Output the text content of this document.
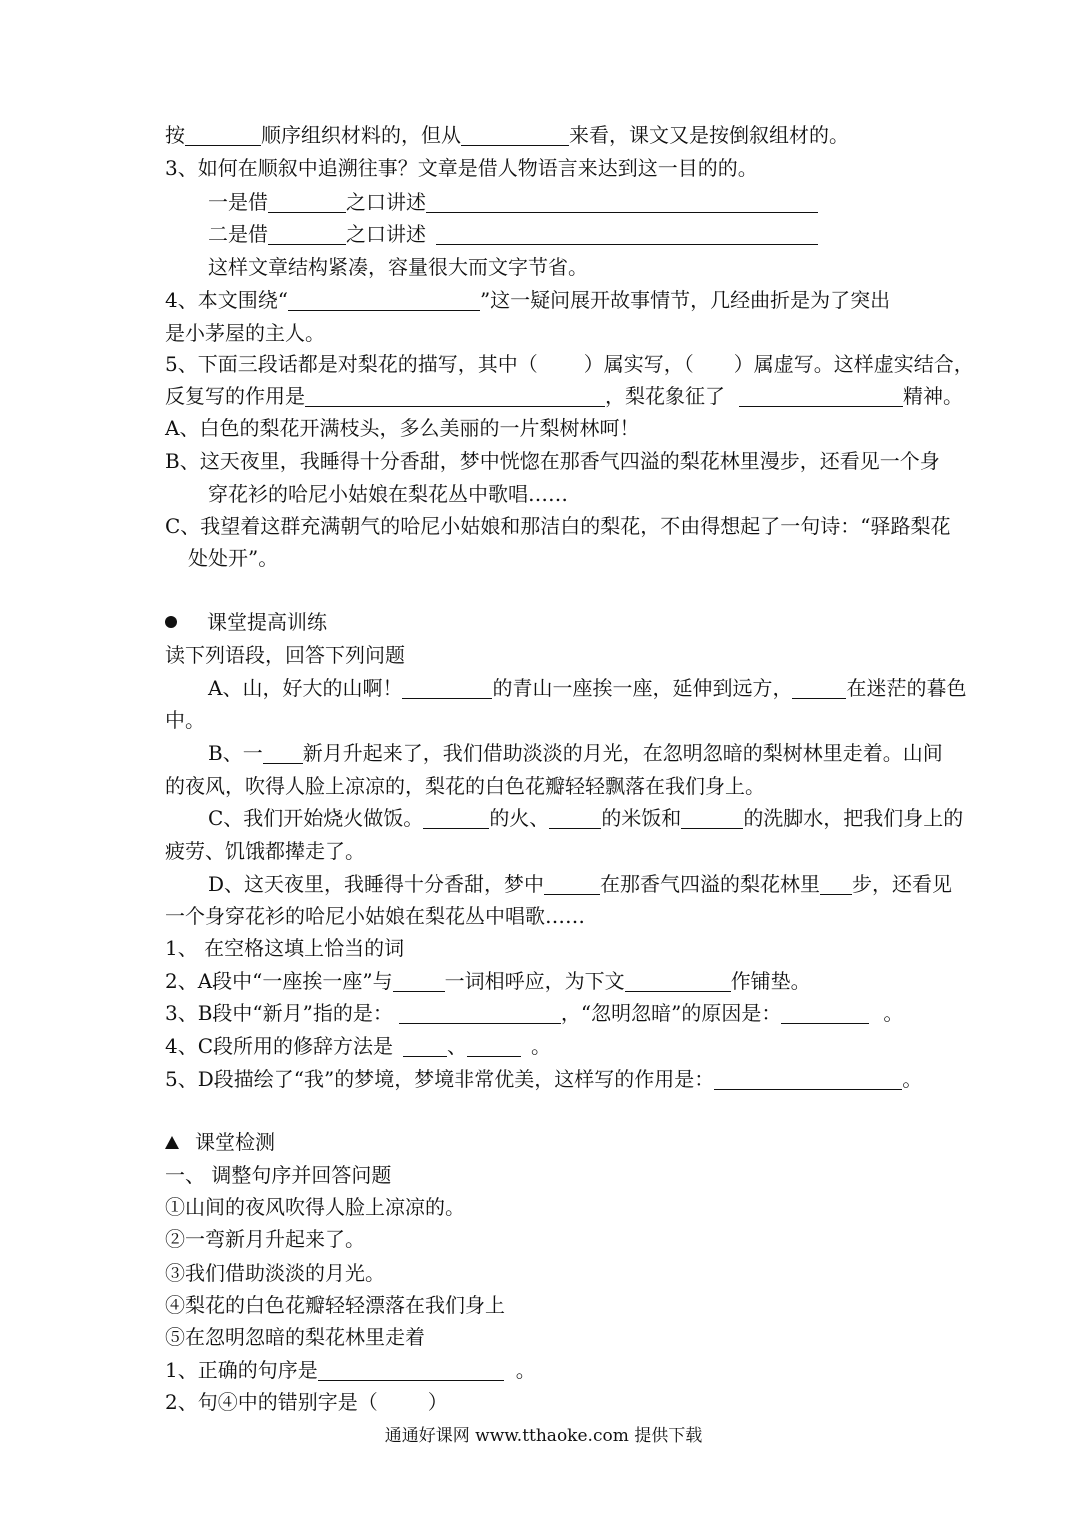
按	顺序组织材料的，但从	来看，课文又是按倒叙组材的。
3、如何在顺叙中追溯往事？文章是借人物语言来达到这一目的的。
一是借	之口讲述
二是借	之口讲述
这样文章结构紧凑，容量很大而文字节省。
4、本文围绕“	”这一疑问展开故事情节，几经曲折是为了突出
是小茅屋的主人。
5、下面三段话都是对梨花的描写，其中（ ）属实写，（ ）属虚写。这样虚实结合，
反复写的作用是	，梨花象征了	精神。
A、白色的梨花开满枝头，多么美丽的一片梨树林呵！
B、这天夜里，我睡得十分香甜，梦中恍惚在那香气四溢的梨花林里漫步，还看见一个身
穿花衫的哈尼小姑娘在梨花丛中歌唱……
C、我望着这群充满朝气的哈尼小姑娘和那洁白的梨花，不由得想起了一句诗：“驿路梨花
处处开”。
课堂提高训练
读下列语段，回答下列问题
A、山，好大的山啊！	的青山一座挨一座，延伸到远方，	在迷茫的暮色
中。
B、一 新月升起来了，我们借助淡淡的月光，在忽明忽暗的梨树林里走着。山间
的夜风，吹得人脸上凉凉的，梨花的白色花瓣轻轻飘落在我们身上。
C、我们开始烧火做饭。	的火、	的米饭和	的洗脚水，把我们身上的
疲劳、饥饿都撵走了。
D、这天夜里，我睡得十分香甜，梦中	在那香气四溢的梨花林里 步，还看见
一个身穿花衫的哈尼小姑娘在梨花丛中唱歌……
1、 在空格这填上恰当的词
2、A段中“一座挨一座”与	一词相呼应，为下文	作铺垫。
3、B段中“新月”指的是：	，“忽明忽暗”的原因是：	。
4、C段所用的修辞方法是	、	。
5、D段描绘了“我”的梦境，梦境非常优美，这样写的作用是：	。
课堂检测
一、 调整句序并回答问题
①山间的夜风吹得人脸上凉凉的。
②一弯新月升起来了。
③我们借助淡淡的月光。
④梨花的白色花瓣轻轻漂落在我们身上
⑤在忽明忽暗的梨花林里走着
1、正确的句序是	。
2、句④中的错别字是（	）
通通好课网 www.tthaoke.com 提供下载
